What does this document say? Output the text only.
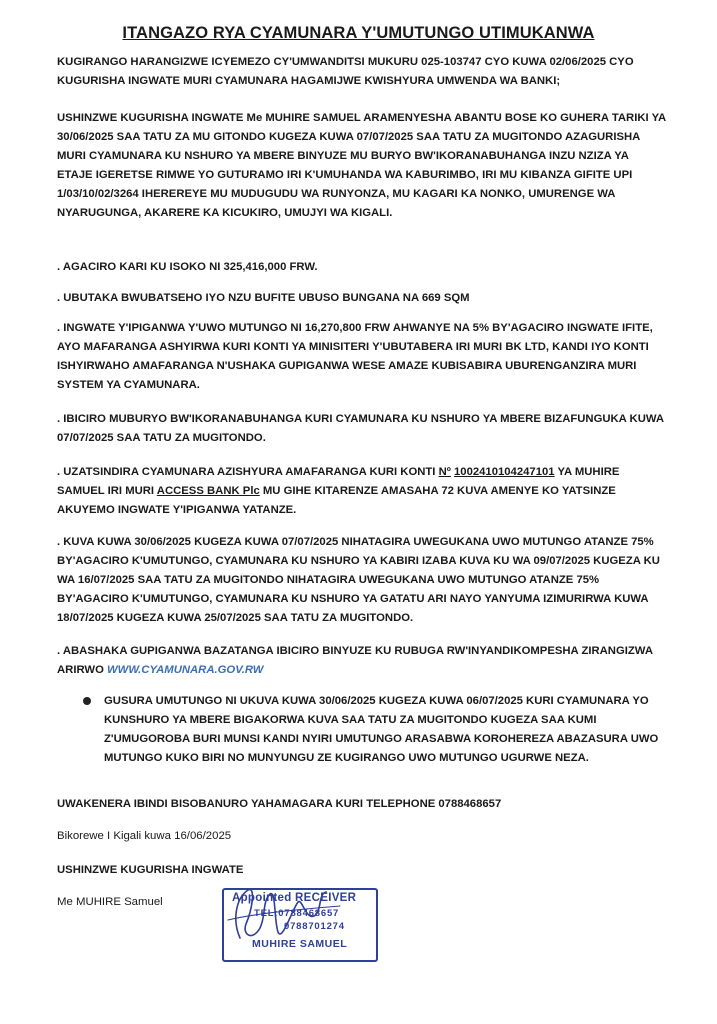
ITANGAZO RYA CYAMUNARA Y'UMUTUNGO UTIMUKANWA

KUGIRANGO HARANGIZWE ICYEMEZO CY'UMWANDITSI MUKURU 025-103747 CYO KUWA 02/06/2025 CYO KUGURISHA INGWATE MURI CYAMUNARA HAGAMIJWE KWISHYURA UMWENDA WA BANKI;

USHINZWE KUGURISHA INGWATE Me MUHIRE SAMUEL ARAMENYESHA ABANTU BOSE KO GUHERA TARIKI YA 30/06/2025 SAA TATU ZA MU GITONDO KUGEZA KUWA 07/07/2025 SAA TATU ZA MUGITONDO AZAGURISHA MURI CYAMUNARA KU NSHURO YA MBERE BINYUZE MU BURYO BW'IKORANABUHANGA INZU NZIZA YA ETAJE IGERETSE RIMWE YO GUTURAMO IRI K'UMUHANDA WA KABURIMBO, IRI MU KIBANZA GIFITE UPI 1/03/10/02/3264 IHEREREYE MU MUDUGUDU WA RUNYONZA, MU KAGARI KA NONKO, UMURENGE WA NYARUGUNGA, AKARERE KA KICUKIRO, UMUJYI WA KIGALI.

. AGACIRO KARI KU ISOKO NI 325,416,000 FRW.

. UBUTAKA BWUBATSEHO IYO NZU BUFITE UBUSO BUNGANA NA 669 SQM

. INGWATE Y'IPIGANWA Y'UWO MUTUNGO NI 16,270,800 FRW AHWANYE NA 5% BY'AGACIRO INGWATE IFITE, AYO MAFARANGA ASHYIRWA KURI KONTI YA MINISITERI Y'UBUTABERA IRI MURI BK LTD, KANDI IYO KONTI ISHYIRWAHO AMAFARANGA N'USHAKA GUPIGANWA WESE AMAZE KUBISABIRA UBURENGANZIRA MURI SYSTEM YA CYAMUNARA.

. IBICIRO MUBURYO BW'IKORANABUHANGA KURI CYAMUNARA KU NSHURO YA MBERE BIZAFUNGUKA KUWA 07/07/2025 SAA TATU ZA MUGITONDO.

. UZATSINDIRA CYAMUNARA AZISHYURA AMAFARANGA KURI KONTI Nº 1002410104247101 YA MUHIRE SAMUEL IRI MURI ACCESS BANK Plc MU GIHE KITARENZE AMASAHA 72 KUVA AMENYE KO YATSINZE AKUYEMO INGWATE Y'IPIGANWA YATANZE.

. KUVA KUWA 30/06/2025 KUGEZA KUWA 07/07/2025 NIHATAGIRA UWEGUKANA UWO MUTUNGO ATANZE 75% BY'AGACIRO K'UMUTUNGO, CYAMUNARA KU NSHURO YA KABIRI IZABA KUVA KU WA 09/07/2025 KUGEZA KU WA 16/07/2025 SAA TATU ZA MUGITONDO NIHATAGIRA UWEGUKANA UWO MUTUNGO ATANZE 75% BY'AGACIRO K'UMUTUNGO, CYAMUNARA KU NSHURO YA GATATU ARI NAYO YANYUMA IZIMURIRWA KUWA 18/07/2025 KUGEZA KUWA 25/07/2025 SAA TATU ZA MUGITONDO.

. ABASHAKA GUPIGANWA BAZATANGA IBICIRO BINYUZE KU RUBUGA RW'INYANDIKOMPESHA ZIRANGIZWA ARIRWO WWW.CYAMUNARA.GOV.RW

GUSURA UMUTUNGO NI UKUVA KUWA 30/06/2025 KUGEZA KUWA 06/07/2025 KURI CYAMUNARA YO KUNSHURO YA MBERE BIGAKORWA KUVA SAA TATU ZA MUGITONDO KUGEZA SAA KUMI Z'UMUGOROBA BURI MUNSI KANDI NYIRI UMUTUNGO ARASABWA KOROHEREZA ABAZASURA UWO MUTUNGO KUKO BIRI NO MUNYUNGU ZE KUGIRANGO UWO MUTUNGO UGURWE NEZA.

UWAKENERA IBINDI BISOBANURO YAHAMAGARA KURI TELEPHONE 0788468657

Bikorewe I Kigali kuwa 16/06/2025

USHINZWE KUGURISHA INGWATE

Me MUHIRE Samuel	Appointed RECEIVER
TEL:0788468657
0788701274
MUHIRE SAMUEL
